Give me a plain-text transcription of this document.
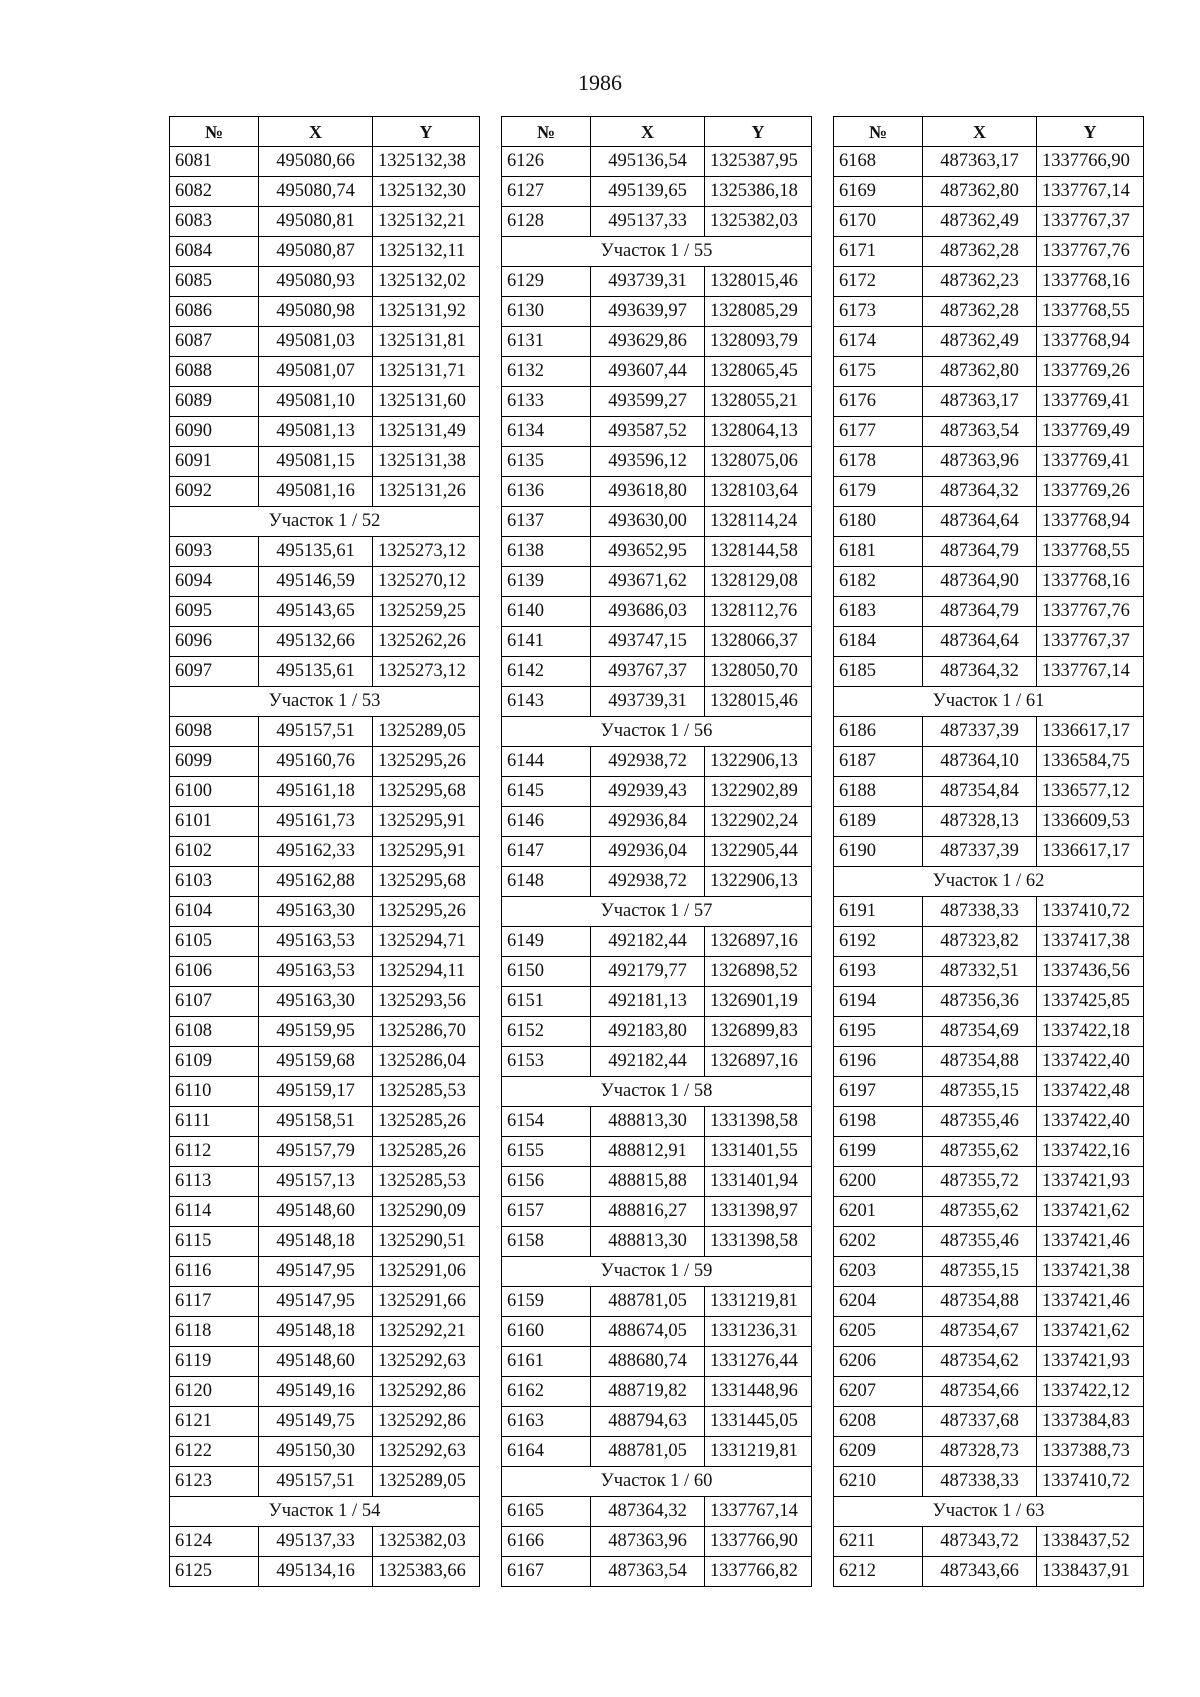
1986
№	X	Y
6081	495080,66	1325132,38
6082	495080,74	1325132,30
6083	495080,81	1325132,21
6084	495080,87	1325132,11
6085	495080,93	1325132,02
6086	495080,98	1325131,92
6087	495081,03	1325131,81
6088	495081,07	1325131,71
6089	495081,10	1325131,60
6090	495081,13	1325131,49
6091	495081,15	1325131,38
6092	495081,16	1325131,26
Участок 1 / 52		
6093	495135,61	1325273,12
6094	495146,59	1325270,12
6095	495143,65	1325259,25
6096	495132,66	1325262,26
6097	495135,61	1325273,12
Участок 1 / 53		
6098	495157,51	1325289,05
6099	495160,76	1325295,26
6100	495161,18	1325295,68
6101	495161,73	1325295,91
6102	495162,33	1325295,91
6103	495162,88	1325295,68
6104	495163,30	1325295,26
6105	495163,53	1325294,71
6106	495163,53	1325294,11
6107	495163,30	1325293,56
6108	495159,95	1325286,70
6109	495159,68	1325286,04
6110	495159,17	1325285,53
6111	495158,51	1325285,26
6112	495157,79	1325285,26
6113	495157,13	1325285,53
6114	495148,60	1325290,09
6115	495148,18	1325290,51
6116	495147,95	1325291,06
6117	495147,95	1325291,66
6118	495148,18	1325292,21
6119	495148,60	1325292,63
6120	495149,16	1325292,86
6121	495149,75	1325292,86
6122	495150,30	1325292,63
6123	495157,51	1325289,05
Участок 1 / 54		
6124	495137,33	1325382,03
6125	495134,16	1325383,66
№	X	Y
6126	495136,54	1325387,95
6127	495139,65	1325386,18
6128	495137,33	1325382,03
Участок 1 / 55		
6129	493739,31	1328015,46
6130	493639,97	1328085,29
6131	493629,86	1328093,79
6132	493607,44	1328065,45
6133	493599,27	1328055,21
6134	493587,52	1328064,13
6135	493596,12	1328075,06
6136	493618,80	1328103,64
6137	493630,00	1328114,24
6138	493652,95	1328144,58
6139	493671,62	1328129,08
6140	493686,03	1328112,76
6141	493747,15	1328066,37
6142	493767,37	1328050,70
6143	493739,31	1328015,46
Участок 1 / 56		
6144	492938,72	1322906,13
6145	492939,43	1322902,89
6146	492936,84	1322902,24
6147	492936,04	1322905,44
6148	492938,72	1322906,13
Участок 1 / 57		
6149	492182,44	1326897,16
6150	492179,77	1326898,52
6151	492181,13	1326901,19
6152	492183,80	1326899,83
6153	492182,44	1326897,16
Участок 1 / 58		
6154	488813,30	1331398,58
6155	488812,91	1331401,55
6156	488815,88	1331401,94
6157	488816,27	1331398,97
6158	488813,30	1331398,58
Участок 1 / 59		
6159	488781,05	1331219,81
6160	488674,05	1331236,31
6161	488680,74	1331276,44
6162	488719,82	1331448,96
6163	488794,63	1331445,05
6164	488781,05	1331219,81
Участок 1 / 60		
6165	487364,32	1337767,14
6166	487363,96	1337766,90
6167	487363,54	1337766,82
№	X	Y
6168	487363,17	1337766,90
6169	487362,80	1337767,14
6170	487362,49	1337767,37
6171	487362,28	1337767,76
6172	487362,23	1337768,16
6173	487362,28	1337768,55
6174	487362,49	1337768,94
6175	487362,80	1337769,26
6176	487363,17	1337769,41
6177	487363,54	1337769,49
6178	487363,96	1337769,41
6179	487364,32	1337769,26
6180	487364,64	1337768,94
6181	487364,79	1337768,55
6182	487364,90	1337768,16
6183	487364,79	1337767,76
6184	487364,64	1337767,37
6185	487364,32	1337767,14
Участок 1 / 61		
6186	487337,39	1336617,17
6187	487364,10	1336584,75
6188	487354,84	1336577,12
6189	487328,13	1336609,53
6190	487337,39	1336617,17
Участок 1 / 62		
6191	487338,33	1337410,72
6192	487323,82	1337417,38
6193	487332,51	1337436,56
6194	487356,36	1337425,85
6195	487354,69	1337422,18
6196	487354,88	1337422,40
6197	487355,15	1337422,48
6198	487355,46	1337422,40
6199	487355,62	1337422,16
6200	487355,72	1337421,93
6201	487355,62	1337421,62
6202	487355,46	1337421,46
6203	487355,15	1337421,38
6204	487354,88	1337421,46
6205	487354,67	1337421,62
6206	487354,62	1337421,93
6207	487354,66	1337422,12
6208	487337,68	1337384,83
6209	487328,73	1337388,73
6210	487338,33	1337410,72
Участок 1 / 63		
6211	487343,72	1338437,52
6212	487343,66	1338437,91
